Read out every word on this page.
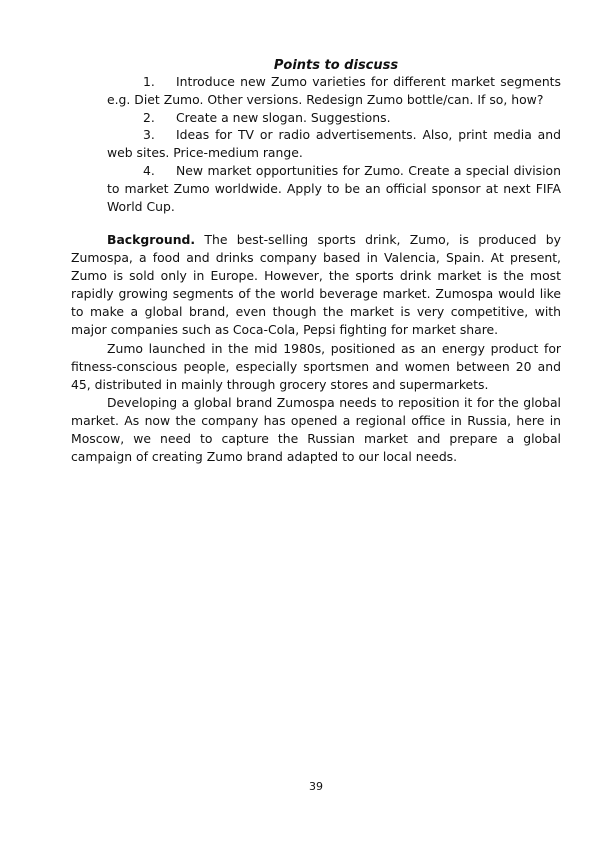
Points to discuss
1. Introduce new Zumo varieties for different market segments e.g. Diet Zumo. Other versions. Redesign Zumo bottle/can. If so, how?
2. Create a new slogan. Suggestions.
3. Ideas for TV or radio advertisements. Also, print media and web sites. Price-medium range.
4. New market opportunities for Zumo. Create a special division to market Zumo worldwide. Apply to be an official sponsor at next FIFA World Cup.

Background. The best-selling sports drink, Zumo, is produced by Zumospa, a food and drinks company based in Valencia, Spain. At present, Zumo is sold only in Europe. However, the sports drink market is the most rapidly growing segments of the world beverage market. Zumospa would like to make a global brand, even though the market is very competitive, with major companies such as Coca-Cola, Pepsi fighting for market share.

Zumo launched in the mid 1980s, positioned as an energy product for fitness-conscious people, especially sportsmen and women between 20 and 45, distributed in mainly through grocery stores and supermarkets.

Developing a global brand Zumospa needs to reposition it for the global market. As now the company has opened a regional office in Russia, here in Moscow, we need to capture the Russian market and prepare a global campaign of creating Zumo brand adapted to our local needs.

39
